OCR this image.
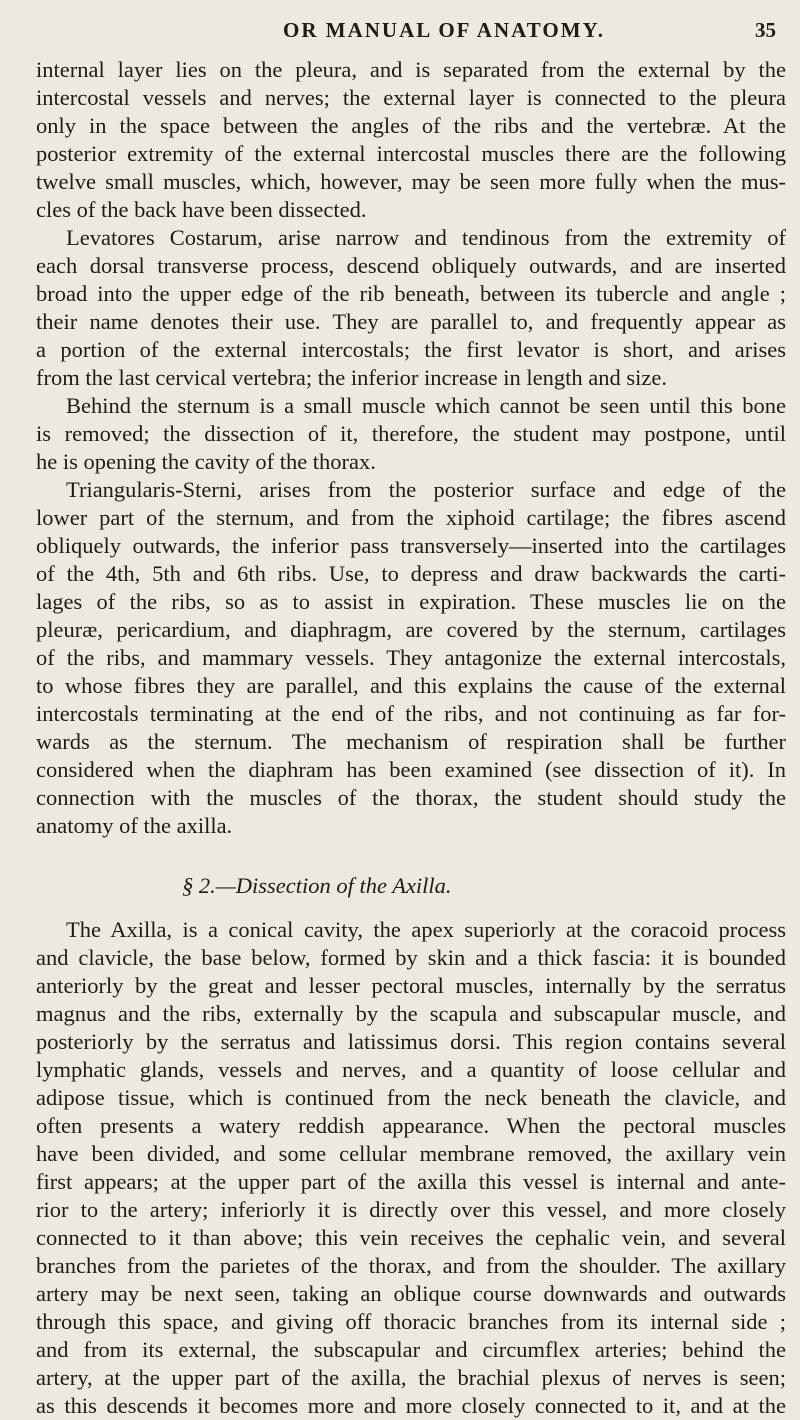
OR MANUAL OF ANATOMY.	35
internal layer lies on the pleura, and is separated from the external by the
intercostal vessels and nerves; the external layer is connected to the pleura
only in the space between the angles of the ribs and the vertebræ. At the
posterior extremity of the external intercostal muscles there are the following
twelve small muscles, which, however, may be seen more fully when the mus-
cles of the back have been dissected.
Levatores Costarum, arise narrow and tendinous from the extremity of
each dorsal transverse process, descend obliquely outwards, and are inserted
broad into the upper edge of the rib beneath, between its tubercle and angle ;
their name denotes their use. They are parallel to, and frequently appear as
a portion of the external intercostals; the first levator is short, and arises
from the last cervical vertebra; the inferior increase in length and size.
Behind the sternum is a small muscle which cannot be seen until this bone
is removed; the dissection of it, therefore, the student may postpone, until
he is opening the cavity of the thorax.
Triangularis-Sterni, arises from the posterior surface and edge of the
lower part of the sternum, and from the xiphoid cartilage; the fibres ascend
obliquely outwards, the inferior pass transversely—inserted into the cartilages
of the 4th, 5th and 6th ribs. Use, to depress and draw backwards the carti-
lages of the ribs, so as to assist in expiration. These muscles lie on the
pleuræ, pericardium, and diaphragm, are covered by the sternum, cartilages
of the ribs, and mammary vessels. They antagonize the external intercostals,
to whose fibres they are parallel, and this explains the cause of the external
intercostals terminating at the end of the ribs, and not continuing as far for-
wards as the sternum. The mechanism of respiration shall be further
considered when the diaphram has been examined (see dissection of it). In
connection with the muscles of the thorax, the student should study the
anatomy of the axilla.
§ 2.—Dissection of the Axilla.
The Axilla, is a conical cavity, the apex superiorly at the coracoid process
and clavicle, the base below, formed by skin and a thick fascia: it is bounded
anteriorly by the great and lesser pectoral muscles, internally by the serratus
magnus and the ribs, externally by the scapula and subscapular muscle, and
posteriorly by the serratus and latissimus dorsi. This region contains several
lymphatic glands, vessels and nerves, and a quantity of loose cellular and
adipose tissue, which is continued from the neck beneath the clavicle, and
often presents a watery reddish appearance. When the pectoral muscles
have been divided, and some cellular membrane removed, the axillary vein
first appears; at the upper part of the axilla this vessel is internal and ante-
rior to the artery; inferiorly it is directly over this vessel, and more closely
connected to it than above; this vein receives the cephalic vein, and several
branches from the parietes of the thorax, and from the shoulder. The axillary
artery may be next seen, taking an oblique course downwards and outwards
through this space, and giving off thoracic branches from its internal side ;
and from its external, the subscapular and circumflex arteries; behind the
artery, at the upper part of the axilla, the brachial plexus of nerves is seen;
as this descends it becomes more and more closely connected to it, and at the
